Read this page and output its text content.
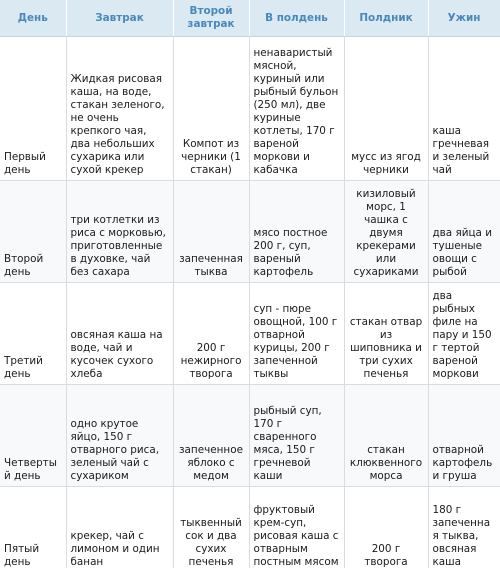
День	Завтрак	Второй завтрак	В полдень	Полдник	Ужин
Первый день	Жидкая рисовая каша, на воде, стакан зеленого, не очень крепкого чая, два небольших сухарика или сухой крекер	Компот из черники (1 стакан)	ненаваристый мясной, куриный или рыбный бульон (250 мл), две куриные котлеты, 170 г вареной моркови и кабачка	мусс из ягод черники	каша гречневая и зеленый чай
Второй день	три котлетки из риса с морковью, приготовленные в духовке, чай без сахара	запеченная тыква	мясо постное 200 г, суп, вареный картофель	кизиловый морс, 1 чашка с двумя крекерами или сухариками	два яйца и тушеные овощи с рыбой
Третий день	овсяная каша на воде, чай и кусочек сухого хлеба	200 г нежирного творога	суп - пюре овощной, 100 г отварной курицы, 200 г запеченной тыквы	стакан отвар из шиповника и три сухих печенья	два рыбных филе на пару и 150 г тертой вареной моркови
Четвертый день	одно крутое яйцо, 150 г отварного риса, зеленый чай с сухариком	запеченное яблоко с медом	рыбный суп, 170 г сваренного мяса, 150 г гречневой каши	стакан клюквенного морса	отварной картофель и груша
Пятый день	крекер, чай с лимоном и один банан	тыквенный сок и два сухих печенья	фруктовый крем-суп, рисовая каша с отварным постным мясом	200 г творога	180 г запеченная тыква, овсяная каша
